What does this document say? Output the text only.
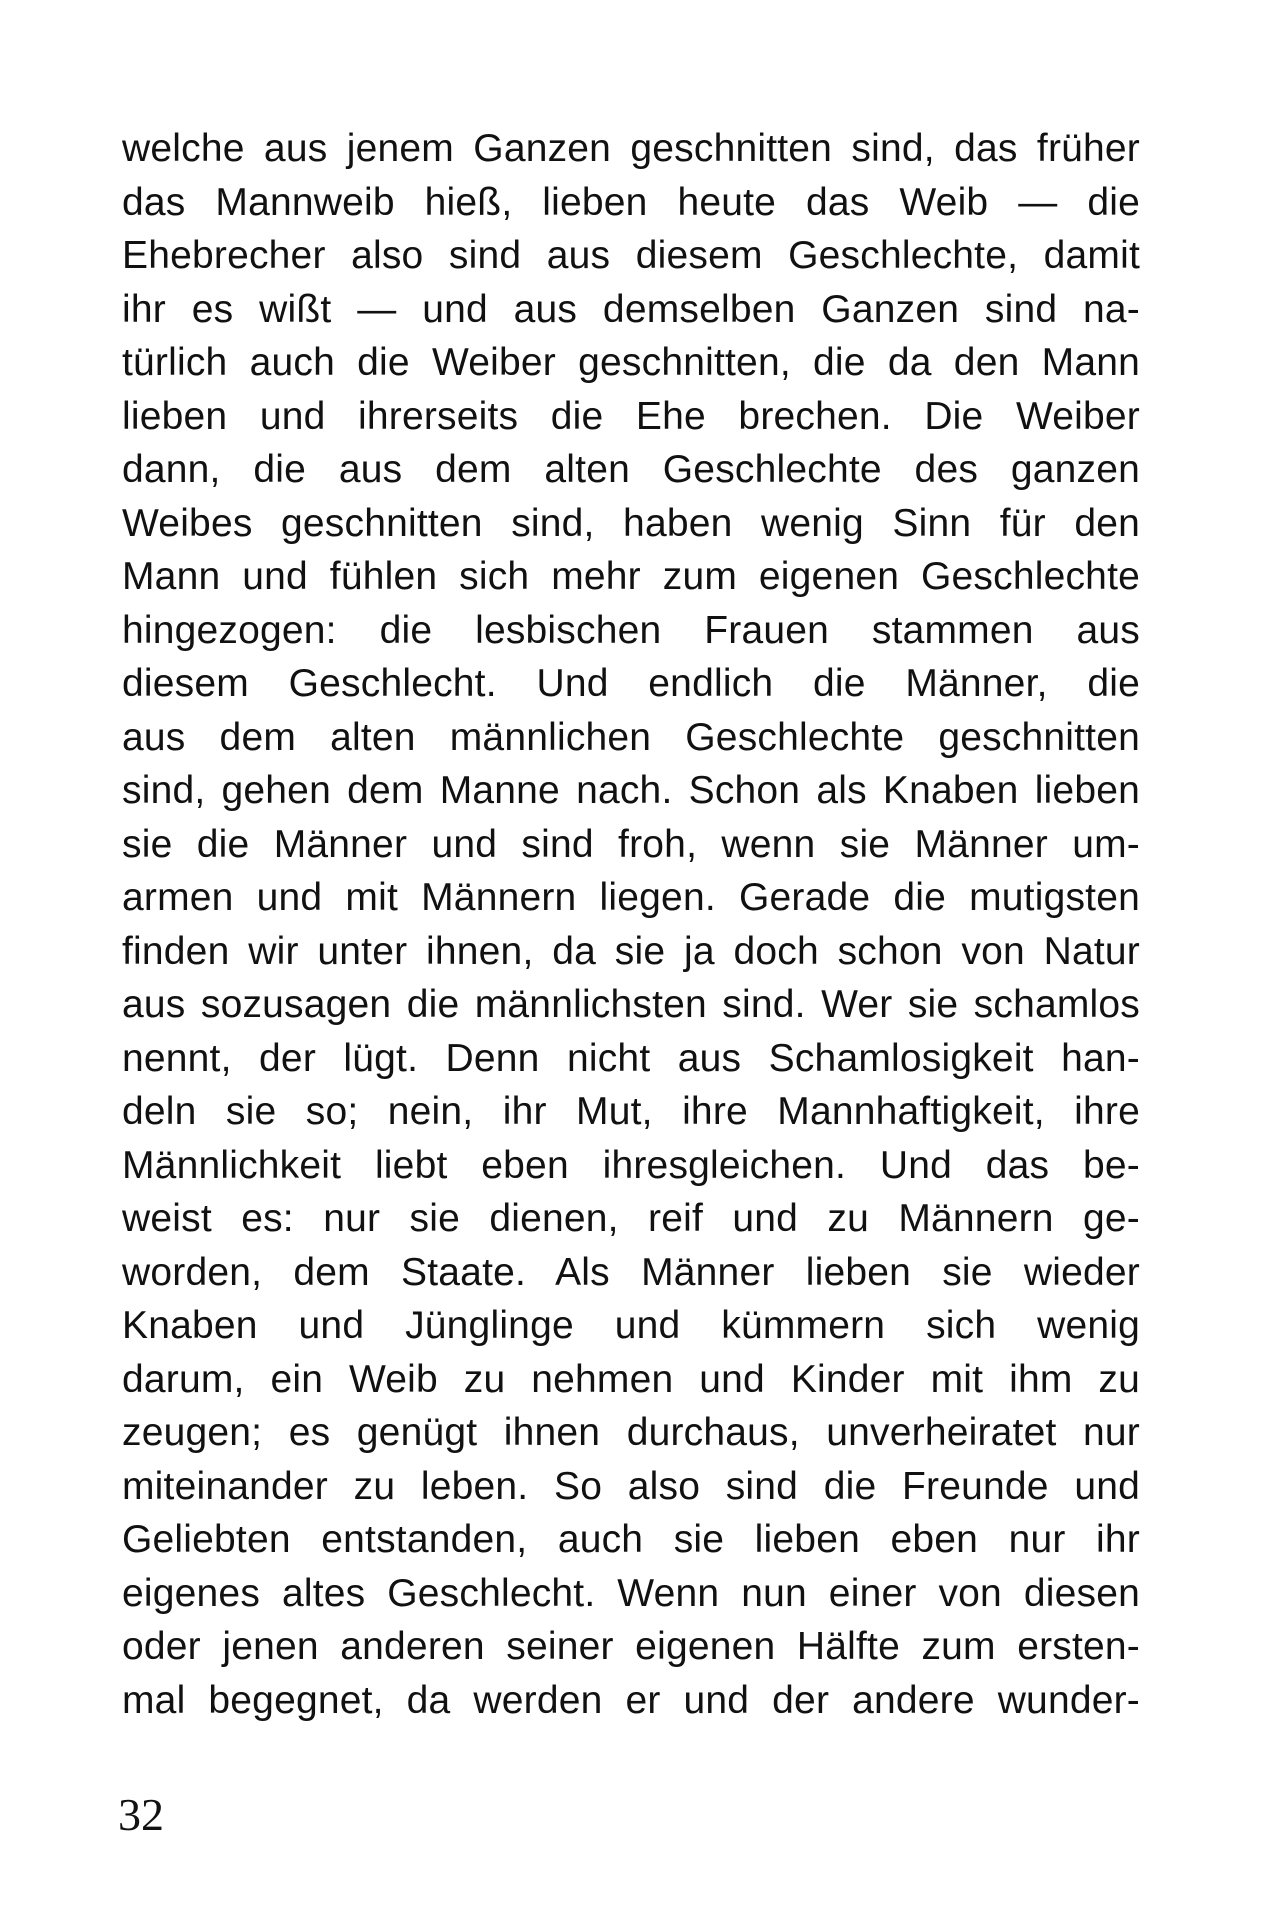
welche aus jenem Ganzen geschnitten sind, das früher
das Mannweib hieß, lieben heute das Weib — die
Ehebrecher also sind aus diesem Geschlechte, damit
ihr es wißt — und aus demselben Ganzen sind na-
türlich auch die Weiber geschnitten, die da den Mann
lieben und ihrerseits die Ehe brechen. Die Weiber
dann, die aus dem alten Geschlechte des ganzen
Weibes geschnitten sind, haben wenig Sinn für den
Mann und fühlen sich mehr zum eigenen Geschlechte
hingezogen: die lesbischen Frauen stammen aus
diesem Geschlecht. Und endlich die Männer, die
aus dem alten männlichen Geschlechte geschnitten
sind, gehen dem Manne nach. Schon als Knaben lieben
sie die Männer und sind froh, wenn sie Männer um-
armen und mit Männern liegen. Gerade die mutigsten
finden wir unter ihnen, da sie ja doch schon von Natur
aus sozusagen die männlichsten sind. Wer sie schamlos
nennt, der lügt. Denn nicht aus Schamlosigkeit han-
deln sie so; nein, ihr Mut, ihre Mannhaftigkeit, ihre
Männlichkeit liebt eben ihresgleichen. Und das be-
weist es: nur sie dienen, reif und zu Männern ge-
worden, dem Staate. Als Männer lieben sie wieder
Knaben und Jünglinge und kümmern sich wenig
darum, ein Weib zu nehmen und Kinder mit ihm zu
zeugen; es genügt ihnen durchaus, unverheiratet nur
miteinander zu leben. So also sind die Freunde und
Geliebten entstanden, auch sie lieben eben nur ihr
eigenes altes Geschlecht. Wenn nun einer von diesen
oder jenen anderen seiner eigenen Hälfte zum ersten-
mal begegnet, da werden er und der andere wunder-
32
